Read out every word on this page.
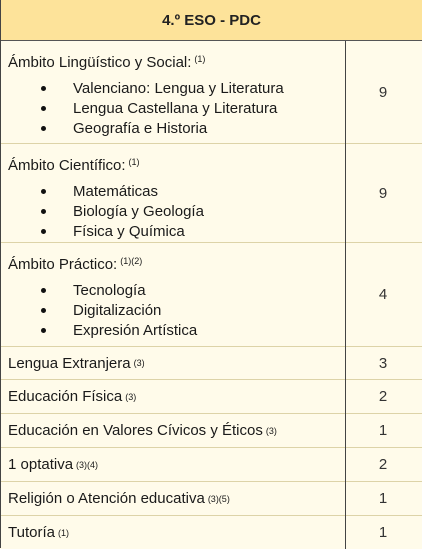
4.º ESO - PDC
Ámbito Lingüístico y Social: $^{(1)}$
Valenciano: Lengua y Literatura
Lengua Castellana y Literatura
Geografía e Historia
9
Ámbito Científico: $^{(1)}$
Matemáticas
Biología y Geología
Física y Química
9
Ámbito Práctico: $^{(1)(2)}$
Tecnología
Digitalización
Expresión Artística
4
Lengua Extranjera (3)	3
Educación Física (3)	2
Educación en Valores Cívicos y Éticos (3)	1
1 optativa (3)(4)	2
Religión o Atención educativa (3)(5)	1
Tutoría (1)	1
